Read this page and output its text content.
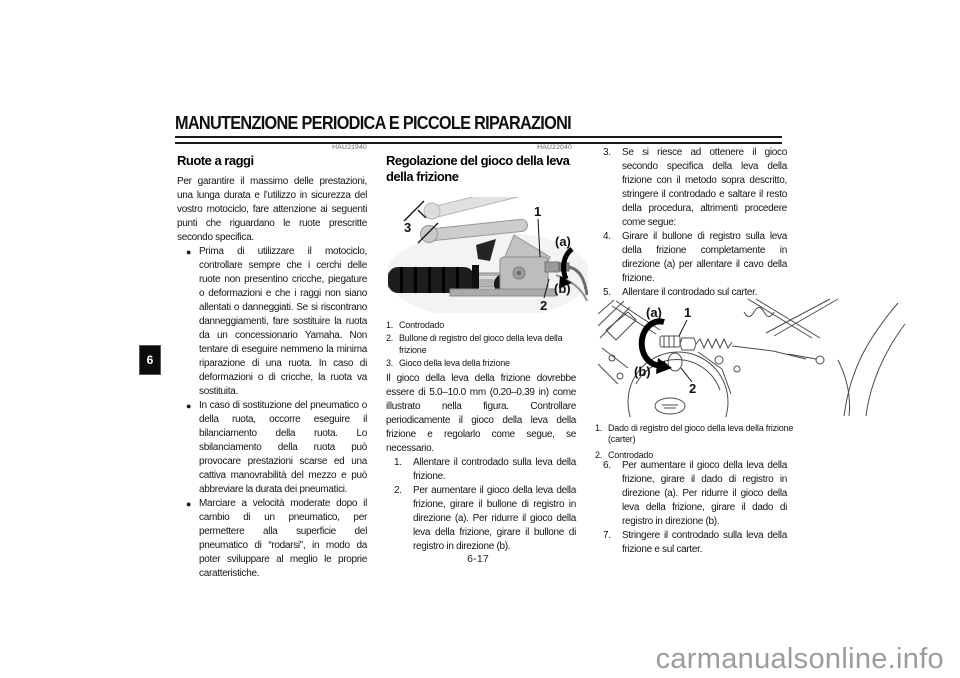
MANUTENZIONE PERIODICA E PICCOLE RIPARAZIONI
6
HAU21940
Ruote a raggi
Per garantire il massimo delle prestazioni, una lunga durata e l’utilizzo in sicurezza del vostro motociclo, fare attenzione ai seguenti punti che riguardano le ruote prescritte secondo specifica.
● Prima di utilizzare il motociclo, controllare sempre che i cerchi delle ruote non presentino cricche, piegature o deformazioni e che i raggi non siano allentati o danneggiati. Se si riscontrano danneggiamenti, fare sostituire la ruota da un concessionario Yamaha. Non tentare di eseguire nemmeno la minima riparazione di una ruota. In caso di deformazioni o di cricche, la ruota va sostituita.
● In caso di sostituzione del pneumatico o della ruota, occorre eseguire il bilanciamento della ruota. Lo sbilanciamento della ruota può provocare prestazioni scarse ed una cattiva manovrabilità del mezzo e può abbreviare la durata dei pneumatici.
● Marciare a velocità moderate dopo il cambio di un pneumatico, per permettere alla superficie del pneumatico di “rodarsi”, in modo da poter sviluppare al meglio le proprie caratteristiche.
HAU22040
Regolazione del gioco della leva della frizione
3
1
(a)
(b)
2
1. Controdado
2. Bullone di registro del gioco della leva della frizione
3. Gioco della leva della frizione
Il gioco della leva della frizione dovrebbe essere di 5.0–10.0 mm (0.20–0.39 in) come illustrato nella figura. Controllare periodicamente il gioco della leva della frizione e regolarlo come segue, se necessario.
1.	Allentare il controdado sulla leva della frizione.
2.	Per aumentare il gioco della leva della frizione, girare il bullone di registro in direzione (a). Per ridurre il gioco della leva della frizione, girare il bullone di registro in direzione (b).
3.	Se si riesce ad ottenere il gioco secondo specifica della leva della frizione con il metodo sopra descritto, stringere il controdado e saltare il resto della procedura, altrimenti procedere come segue:
4.	Girare il bullone di registro sulla leva della frizione completamente in direzione (a) per allentare il cavo della frizione.
5.	Allentare il controdado sul carter.
(a) 1
(b)
2
1. Dado di registro del gioco della leva della frizione (carter)
2. Controdado
6.	Per aumentare il gioco della leva della frizione, girare il dado di registro in direzione (a). Per ridurre il gioco della leva della frizione, girare il dado di registro in direzione (b).
7.	Stringere il controdado sulla leva della frizione e sul carter.
6-17
carmanualsonline.info
